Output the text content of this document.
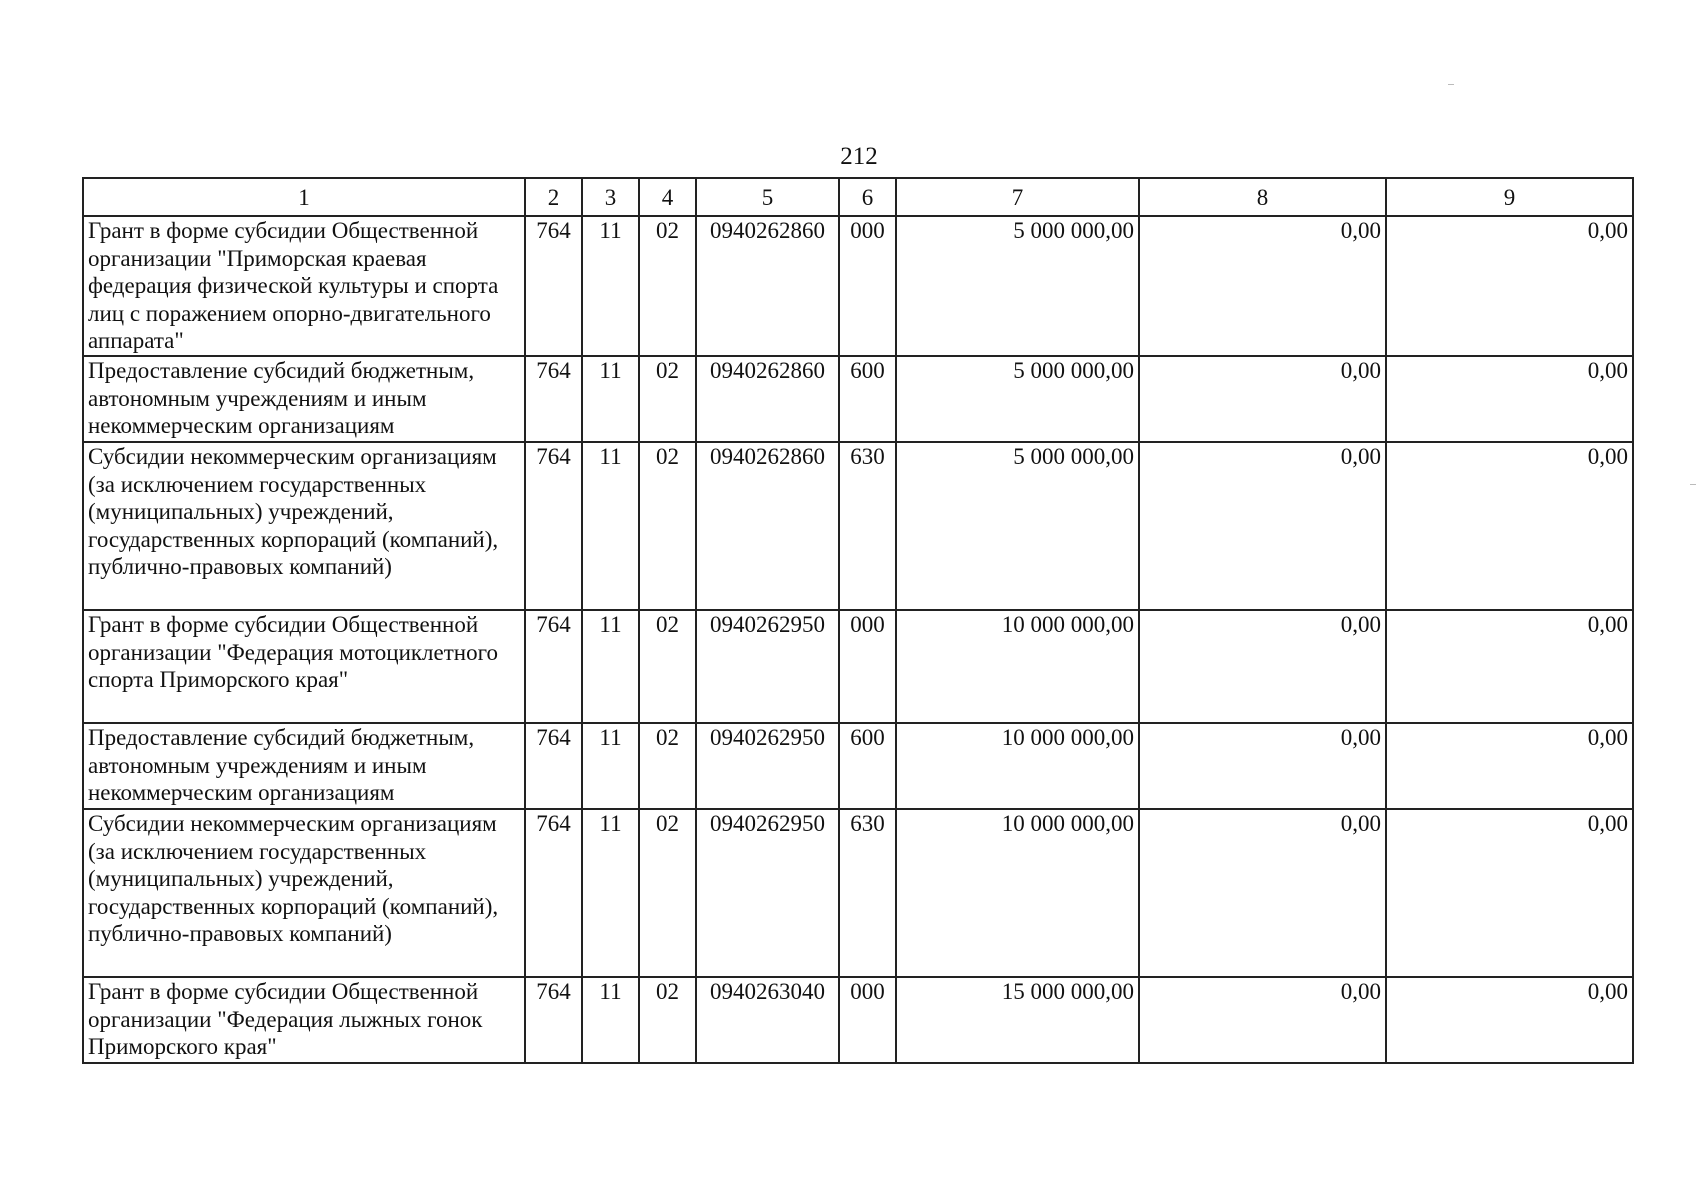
212
1	2	3	4	5	6	7	8	9
Грант в форме субсидии Общественной организации "Приморская краевая федерация физической культуры и спорта лиц с поражением опорно-двигательного аппарата"	764	11	02	0940262860	000	5 000 000,00	0,00	0,00
Предоставление субсидий бюджетным, автономным учреждениям и иным некоммерческим организациям	764	11	02	0940262860	600	5 000 000,00	0,00	0,00
Субсидии некоммерческим организациям (за исключением государственных (муниципальных) учреждений, государственных корпораций (компаний), публично-правовых компаний)	764	11	02	0940262860	630	5 000 000,00	0,00	0,00
Грант в форме субсидии Общественной организации "Федерация мотоциклетного спорта Приморского края"	764	11	02	0940262950	000	10 000 000,00	0,00	0,00
Предоставление субсидий бюджетным, автономным учреждениям и иным некоммерческим организациям	764	11	02	0940262950	600	10 000 000,00	0,00	0,00
Субсидии некоммерческим организациям (за исключением государственных (муниципальных) учреждений, государственных корпораций (компаний), публично-правовых компаний)	764	11	02	0940262950	630	10 000 000,00	0,00	0,00
Грант в форме субсидии Общественной организации "Федерация лыжных гонок Приморского края"	764	11	02	0940263040	000	15 000 000,00	0,00	0,00
